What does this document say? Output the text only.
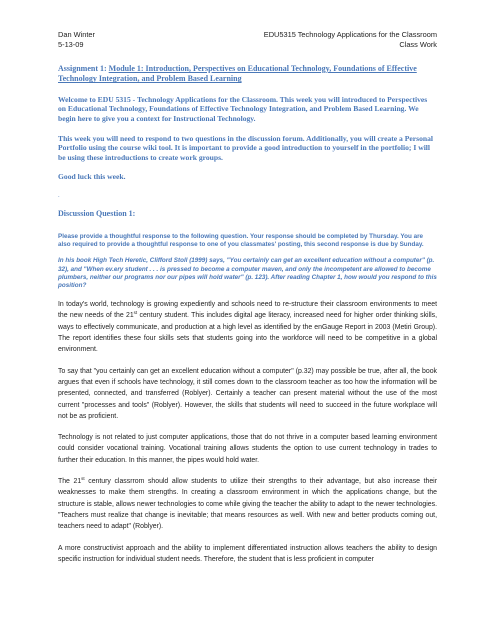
Dan Winter
5-13-09
EDU5315 Technology Applications for the Classroom
Class Work

Assignment 1: Module 1: Introduction, Perspectives on Educational Technology, Foundations of Effective Technology Integration, and Problem Based Learning

Welcome to EDU 5315 - Technology Applications for the Classroom. This week you will introduced to Perspectives on Educational Technology, Foundations of Effective Technology Integration, and Problem Based Learning. We begin here to give you a context for Instructional Technology.

This week you will need to respond to two questions in the discussion forum. Additionally, you will create a Personal Portfolio using the course wiki tool. It is important to provide a good introduction to yourself in the portfolio; I will be using these introductions to create work groups.

Good luck this week.

.

Discussion Question 1:

Please provide a thoughtful response to the following question. Your response should be completed by Thursday. You are also required to provide a thoughtful response to one of you classmates' posting, this second response is due by Sunday.

In his book High Tech Heretic, Clifford Stoll (1999) says, "You certainly can get an excellent education without a computer" (p. 32), and "When ev.ery student . . . is pressed to become a computer maven, and only the incompetent are allowed to become plumbers, neither our programs nor our pipes will hold water" (p. 123). After reading Chapter 1, how would you respond to this position?

In today's world, technology is growing expediently and schools need to re-structure their classroom environments to meet the new needs of the 21st century student. This includes digital age literacy, increased need for higher order thinking skills, ways to effectively communicate, and production at a high level as identified by the enGauge Report in 2003 (Metiri Group). The report identifies these four skills sets that students going into the workforce will need to be competitive in a global environment.

To say that "you certainly can get an excellent education without a computer" (p.32) may possible be true, after all, the book argues that even if schools have technology, it still comes down to the classroom teacher as too how the information will be presented, connected, and transferred (Roblyer). Certainly a teacher can present material without the use of the most current "processes and tools" (Roblyer). However, the skills that students will need to succeed in the future workplace will not be as proficient.

Technology is not related to just computer applications, those that do not thrive in a computer based learning environment could consider vocational training. Vocational training allows students the option to use current technology in trades to further their education. In this manner, the pipes would hold water.

The 21st century classrrom should allow students to utilize their strengths to their advantage, but also increase their weaknesses to make them strengths. In creating a classroom environment in which the applications change, but the structure is stable, allows newer technologies to come while giving the teacher the ability to adapt to the newer technologies. "Teachers must realize that change is inevitable; that means resources as well. With new and better products coming out, teachers need to adapt" (Roblyer).

A more constructivist approach and the ability to implement differentiated instruction allows teachers the ability to design specific instruction for individual student needs. Therefore, the student that is less proficient in computer
